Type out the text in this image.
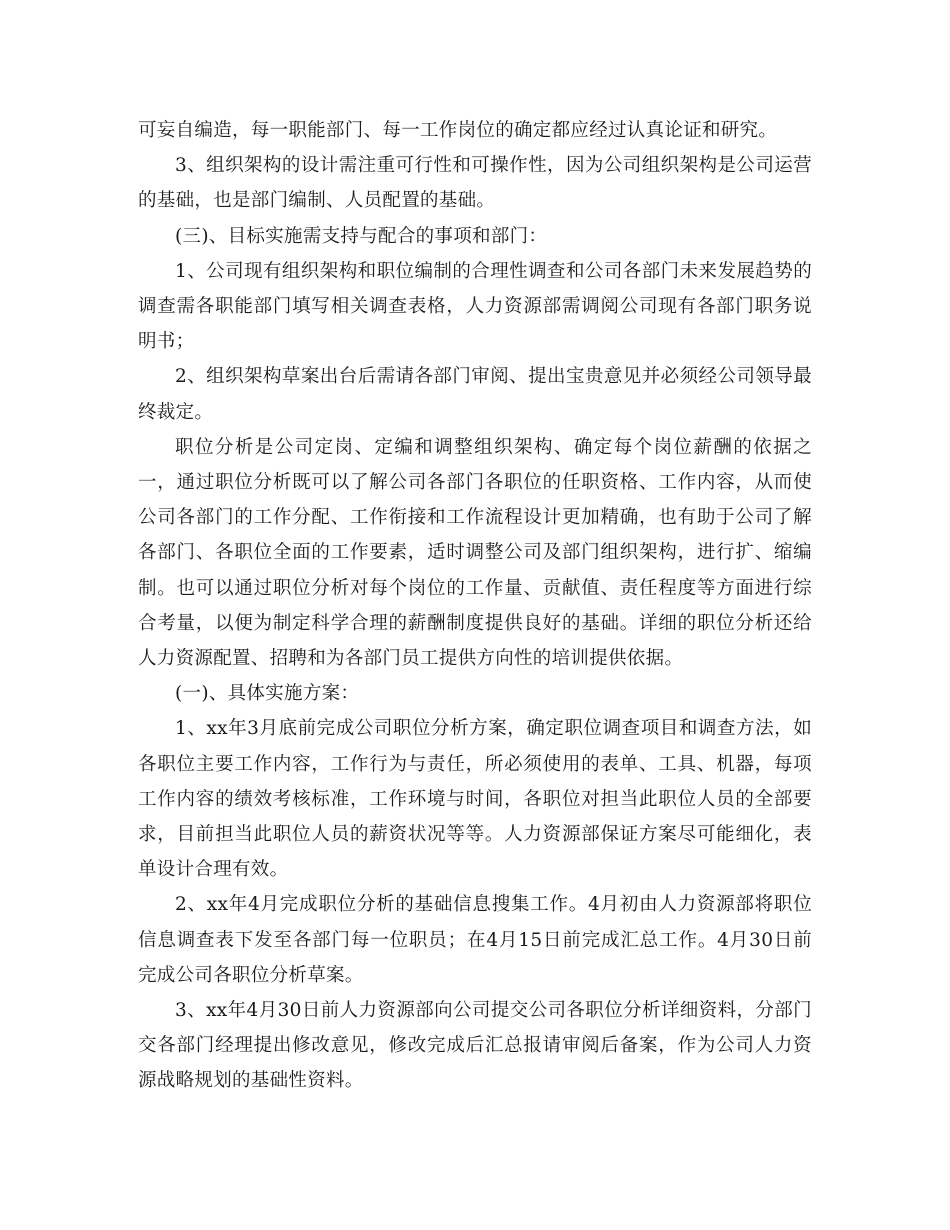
可妄自编造，每一职能部门、每一工作岗位的确定都应经过认真论证和研究。

3、组织架构的设计需注重可行性和可操作性，因为公司组织架构是公司运营的基础，也是部门编制、人员配置的基础。

(三)、目标实施需支持与配合的事项和部门：

1、公司现有组织架构和职位编制的合理性调查和公司各部门未来发展趋势的调查需各职能部门填写相关调查表格，人力资源部需调阅公司现有各部门职务说明书；

2、组织架构草案出台后需请各部门审阅、提出宝贵意见并必须经公司领导最终裁定。

职位分析是公司定岗、定编和调整组织架构、确定每个岗位薪酬的依据之一，通过职位分析既可以了解公司各部门各职位的任职资格、工作内容，从而使公司各部门的工作分配、工作衔接和工作流程设计更加精确，也有助于公司了解各部门、各职位全面的工作要素，适时调整公司及部门组织架构，进行扩、缩编制。也可以通过职位分析对每个岗位的工作量、贡献值、责任程度等方面进行综合考量，以便为制定科学合理的薪酬制度提供良好的基础。详细的职位分析还给人力资源配置、招聘和为各部门员工提供方向性的培训提供依据。

(一)、具体实施方案：

1、xx年3月底前完成公司职位分析方案，确定职位调查项目和调查方法，如各职位主要工作内容，工作行为与责任，所必须使用的表单、工具、机器，每项工作内容的绩效考核标准，工作环境与时间，各职位对担当此职位人员的全部要求，目前担当此职位人员的薪资状况等等。人力资源部保证方案尽可能细化，表单设计合理有效。

2、xx年4月完成职位分析的基础信息搜集工作。4月初由人力资源部将职位信息调查表下发至各部门每一位职员；在4月15日前完成汇总工作。4月30日前完成公司各职位分析草案。

3、xx年4月30日前人力资源部向公司提交公司各职位分析详细资料，分部门交各部门经理提出修改意见，修改完成后汇总报请审阅后备案，作为公司人力资源战略规划的基础性资料。
